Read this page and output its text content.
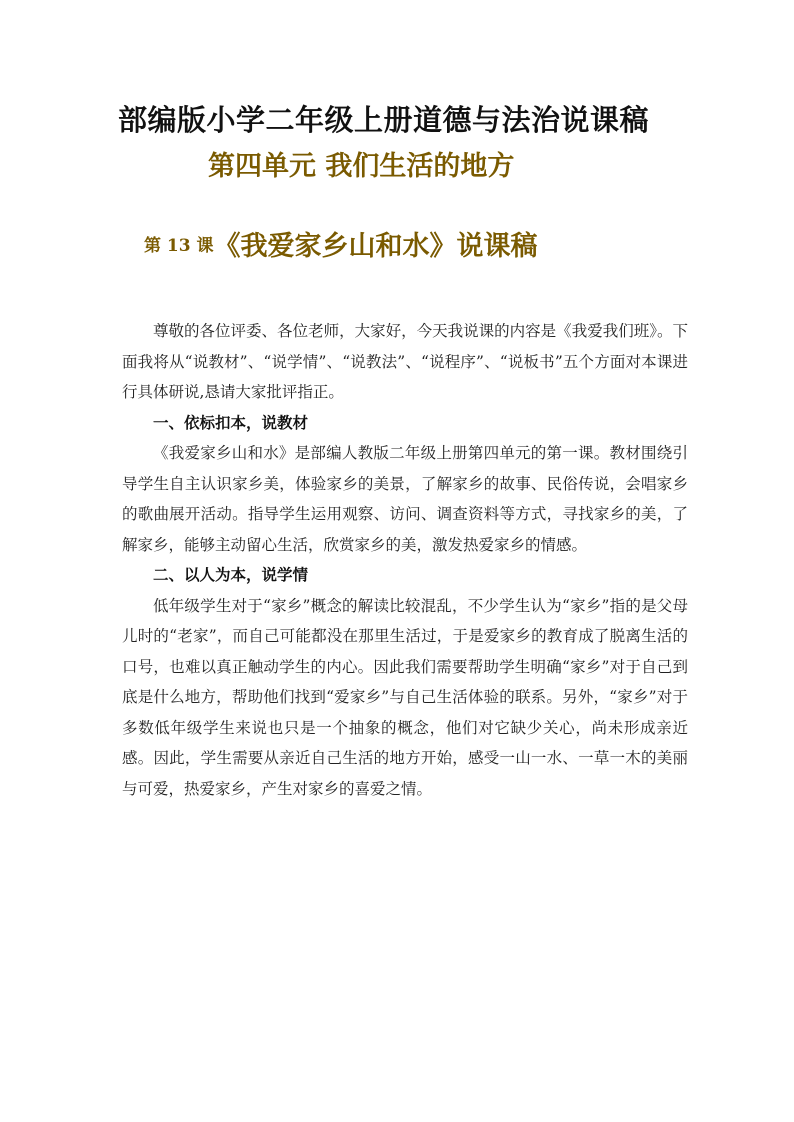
部编版小学二年级上册道德与法治说课稿
第四单元 我们生活的地方
第 13 课《我爱家乡山和水》说课稿

尊敬的各位评委、各位老师，大家好，今天我说课的内容是《我爱我们班》。下面我将从“说教材”、“说学情”、“说教法”、“说程序”、“说板书”五个方面对本课进行具体研说,恳请大家批评指正。

一、依标扣本，说教材

《我爱家乡山和水》是部编人教版二年级上册第四单元的第一课。教材围绕引导学生自主认识家乡美，体验家乡的美景，了解家乡的故事、民俗传说，会唱家乡的歌曲展开活动。指导学生运用观察、访问、调查资料等方式，寻找家乡的美，了解家乡，能够主动留心生活，欣赏家乡的美，激发热爱家乡的情感。

二、以人为本，说学情

低年级学生对于“家乡”概念的解读比较混乱，不少学生认为“家乡”指的是父母儿时的“老家”，而自己可能都没在那里生活过，于是爱家乡的教育成了脱离生活的口号，也难以真正触动学生的内心。因此我们需要帮助学生明确“家乡”对于自己到底是什么地方，帮助他们找到“爱家乡”与自己生活体验的联系。另外，“家乡”对于多数低年级学生来说也只是一个抽象的概念，他们对它缺少关心，尚未形成亲近感。因此，学生需要从亲近自己生活的地方开始，感受一山一水、一草一木的美丽与可爱，热爱家乡，产生对家乡的喜爱之情。
